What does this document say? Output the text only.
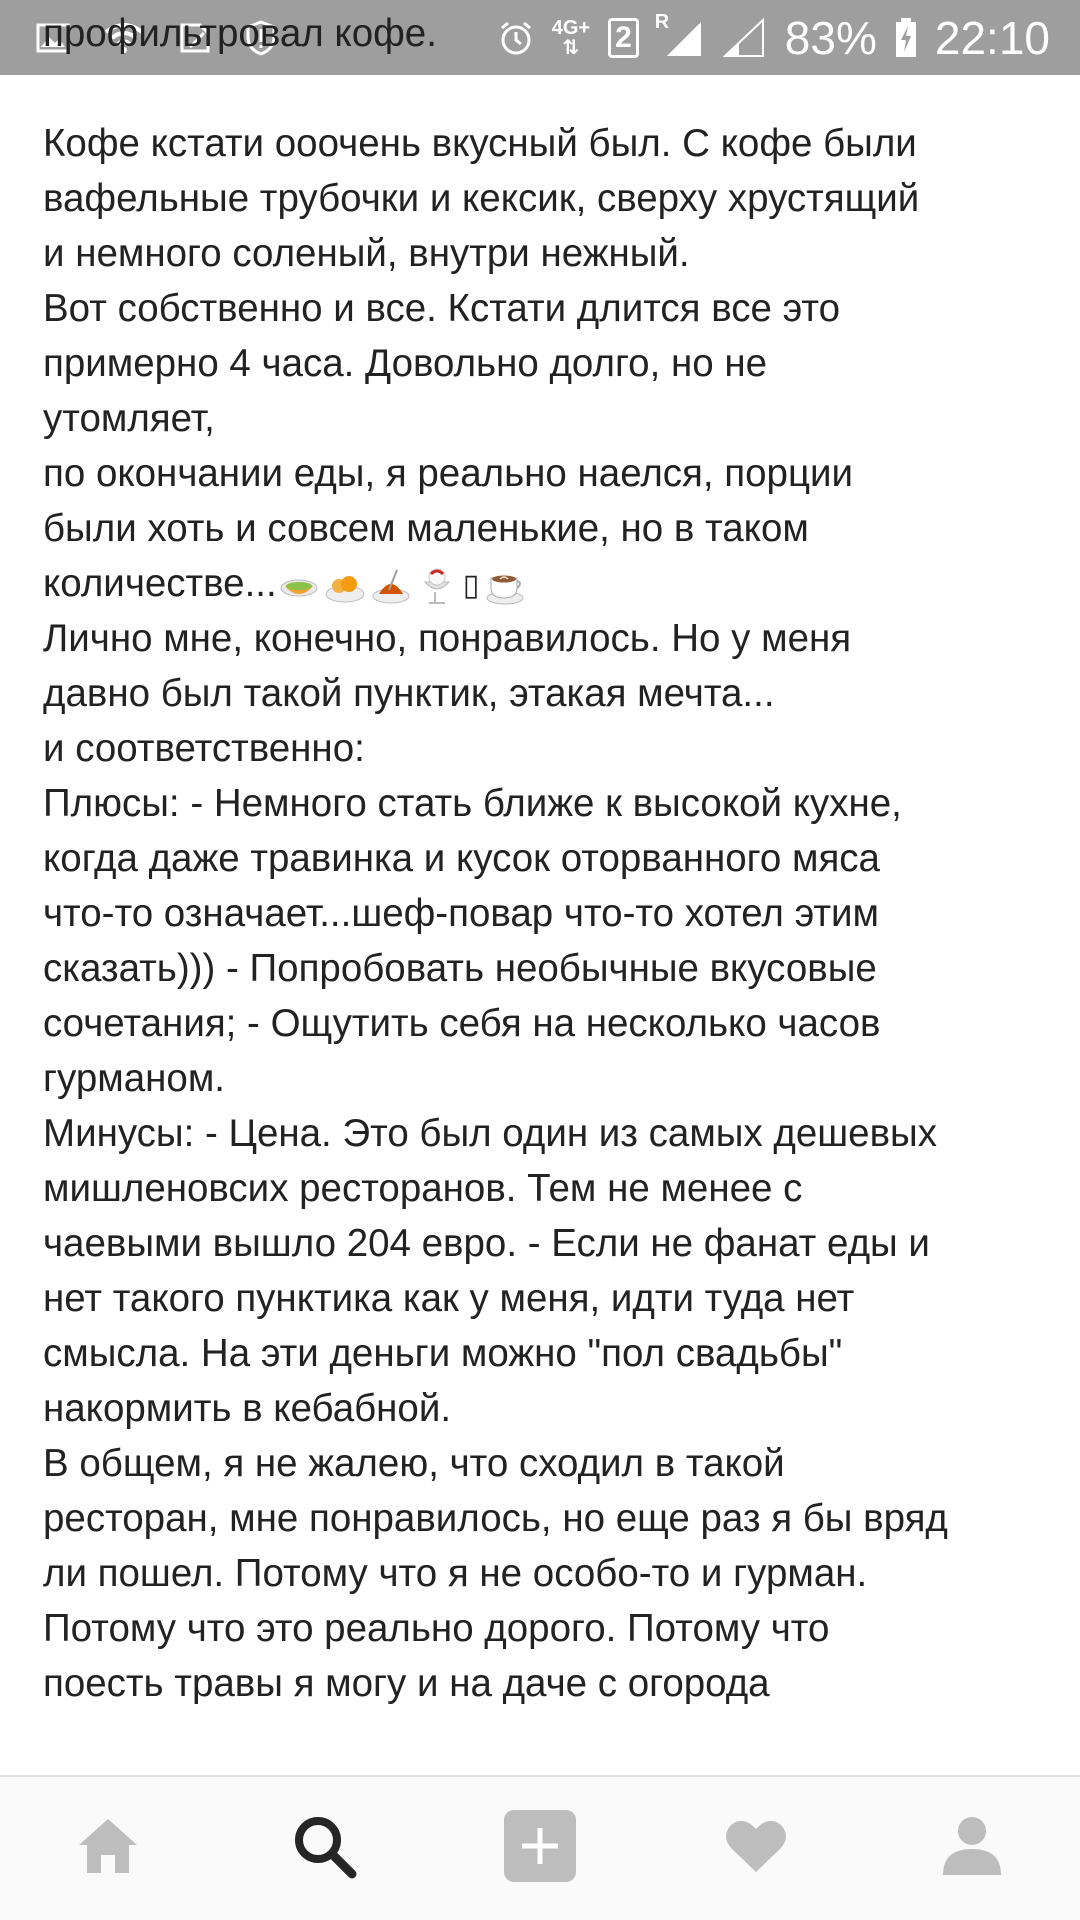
4G+
⇅ 2	R	83% 22:10

профильтровал кофе.

Кофе кстати ооочень вкусный был. С кофе были

вафельные трубочки и кексик, сверху хрустящий

и немного соленый, внутри нежный.

Вот собственно и все. Кстати длится все это

примерно 4 часа. Довольно долго, но не

утомляет,

по окончании еды, я реально наелся, порции

были хоть и совсем маленькие, но в таком

количестве...	▯

Лично мне, конечно, понравилось. Но у меня

давно был такой пунктик, этакая мечта...

и соответственно:

Плюсы: - Немного стать ближе к высокой кухне,

когда даже травинка и кусок оторванного мяса

что-то означает...шеф-повар что-то хотел этим

сказать))) - Попробовать необычные вкусовые

сочетания; - Ощутить себя на несколько часов

гурманом.

Минусы: - Цена. Это был один из самых дешевых

мишленовсих ресторанов. Тем не менее с

чаевыми вышло 204 евро. - Если не фанат еды и

нет такого пунктика как у меня, идти туда нет

смысла. На эти деньги можно "пол свадьбы"

накормить в кебабной.

В общем, я не жалею, что сходил в такой

ресторан, мне понравилось, но еще раз я бы вряд

ли пошел. Потому что я не особо-то и гурман.

Потому что это реально дорого. Потому что

поесть травы я могу и на даче с огорода
